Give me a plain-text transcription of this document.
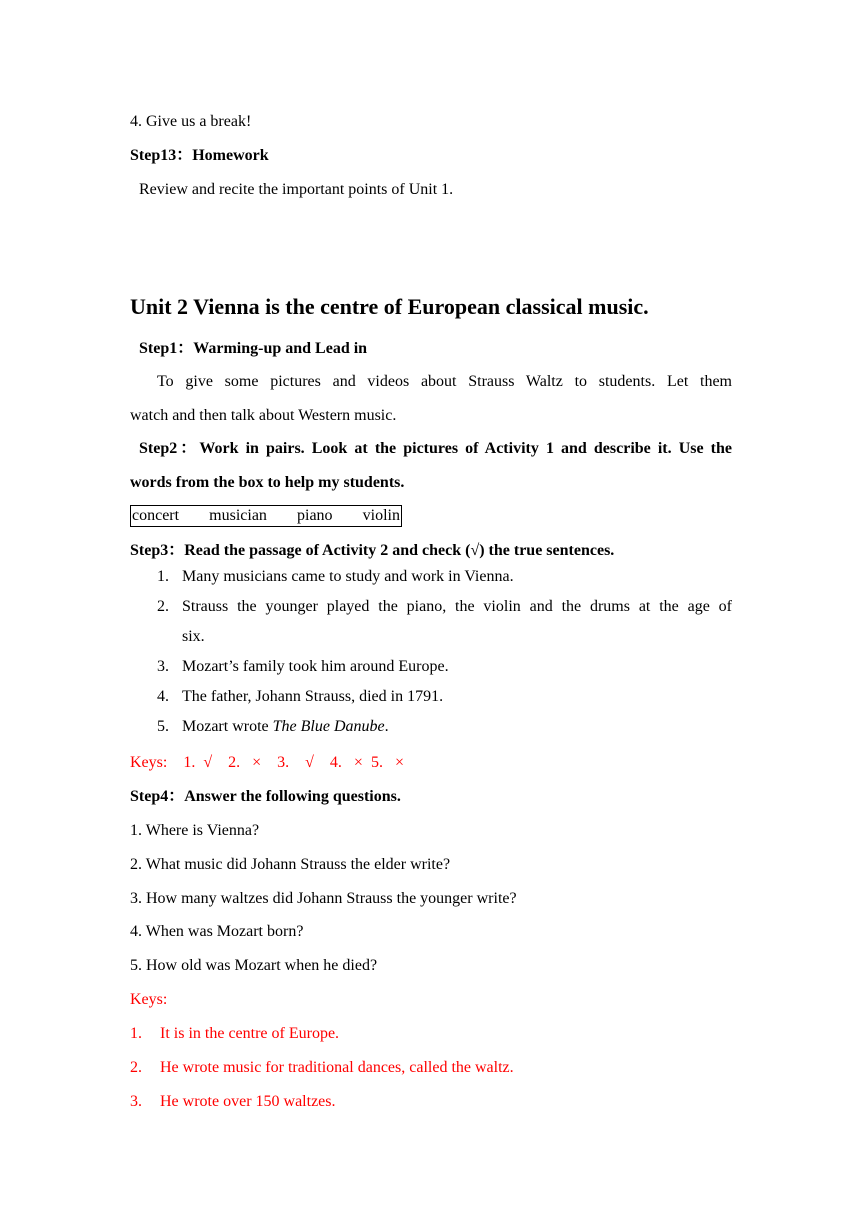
4. Give us a break!
Step13：Homework
Review and recite the important points of Unit 1.
Unit 2 Vienna is the centre of European classical music.
Step1：Warming-up and Lead in
To give some pictures and videos about Strauss Waltz to students. Let them
watch and then talk about Western music.
Step2：Work in pairs. Look at the pictures of Activity 1 and describe it. Use the
words from the box to help my students.
concert musician piano violin
Step3：Read the passage of Activity 2 and check (√) the true sentences.
1. Many musicians came to study and work in Vienna.
2. Strauss the younger played the piano, the violin and the drums at the age of
six.
3. Mozart’s family took him around Europe.
4. The father, Johann Strauss, died in 1791.
5. Mozart wrote The Blue Danube.
Keys:    1.  √    2.   ×    3.    √    4.   ×  5.   ×
Step4：Answer the following questions.
1. Where is Vienna?
2. What music did Johann Strauss the elder write?
3. How many waltzes did Johann Strauss the younger write?
4. When was Mozart born?
5. How old was Mozart when he died?
Keys:
1. It is in the centre of Europe.
2. He wrote music for traditional dances, called the waltz.
3. He wrote over 150 waltzes.
